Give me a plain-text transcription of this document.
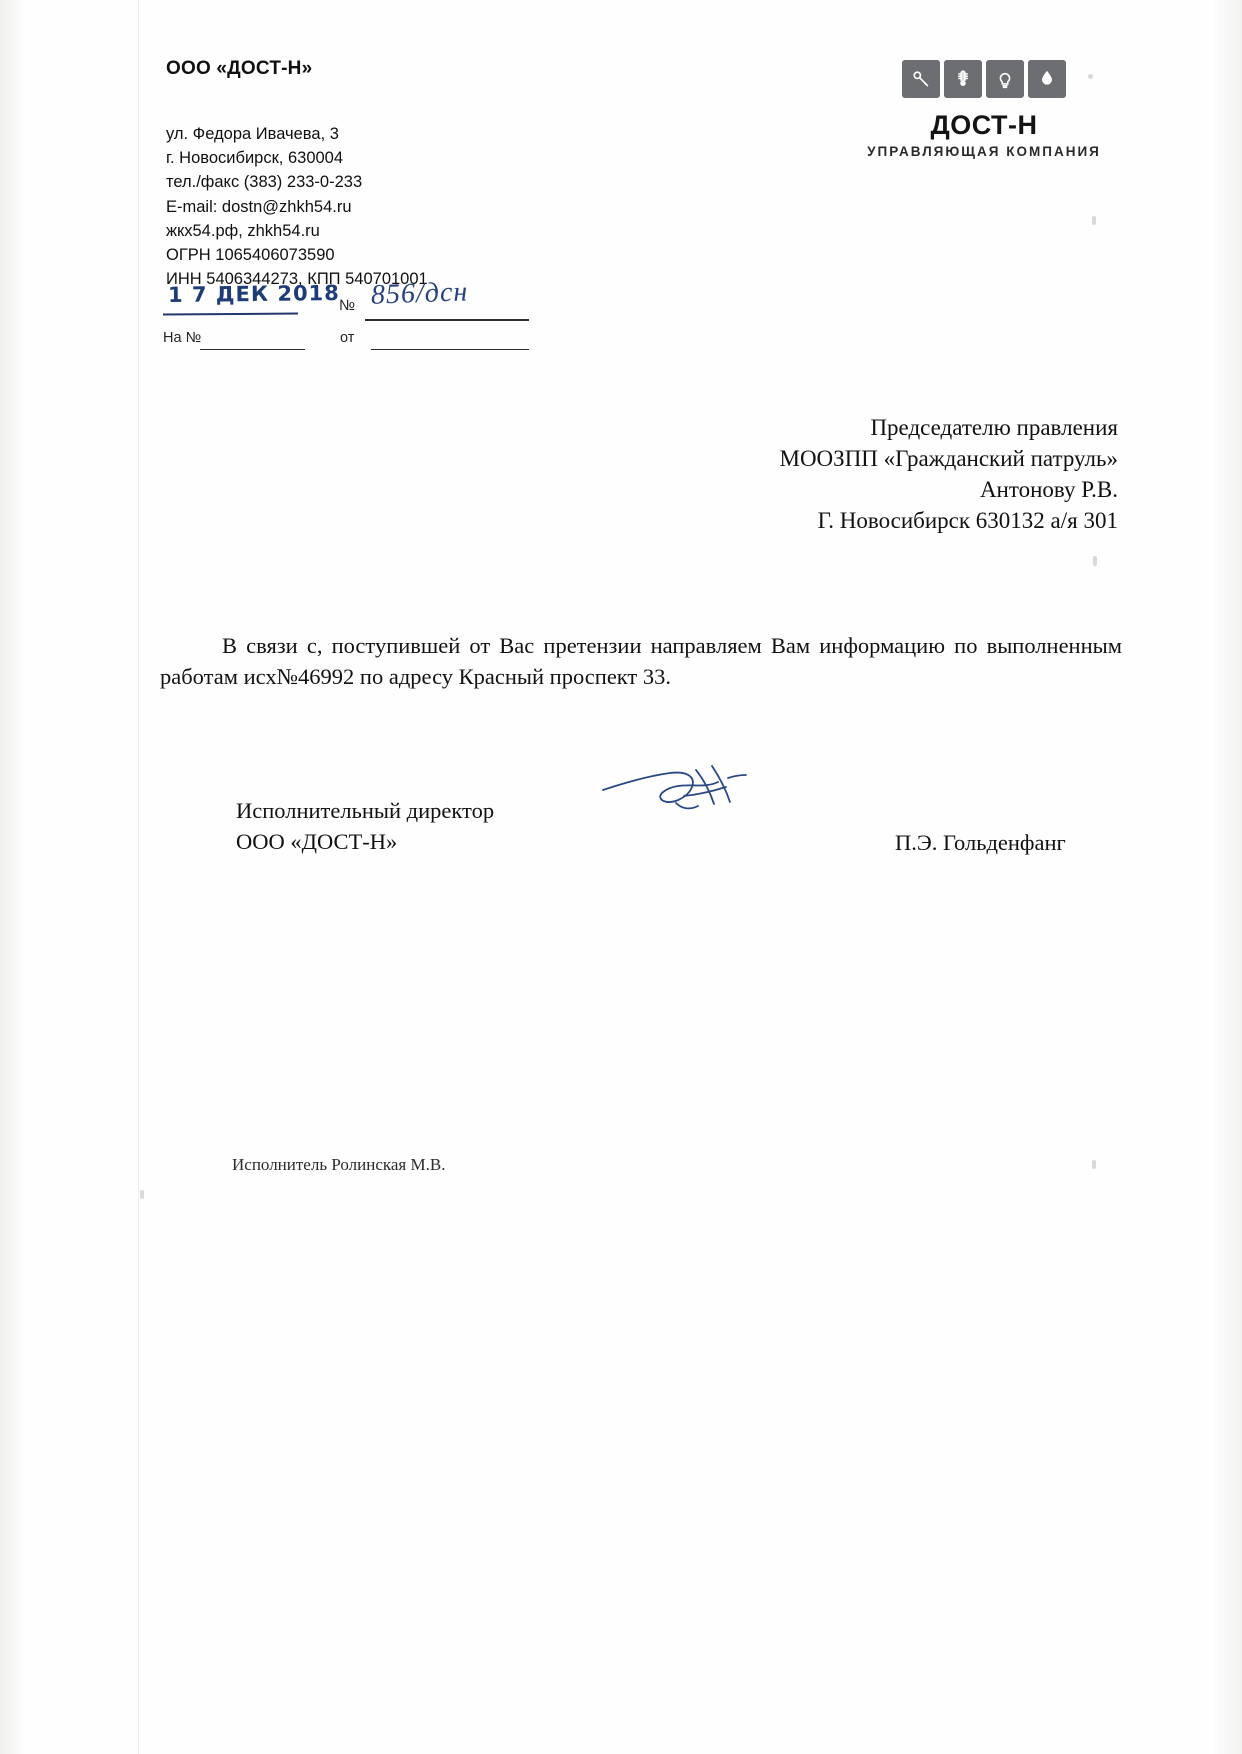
ООО «ДОСТ-Н»
ул. Федора Ивачева, 3
г. Новосибирск, 630004
тел./факс (383) 233-0-233
E-mail: dostn@zhkh54.ru
жкх54.рф, zhkh54.ru
ОГРН 1065406073590
ИНН 5406344273, КПП 540701001
ДОСТ-Н
УПРАВЛЯЮЩАЯ КОМПАНИЯ
1 7 ДЕК 2018 № 856/дсн
На №	от
Председателю правления
МООЗПП «Гражданский патруль»
Антонову Р.В.
Г. Новосибирск 630132 а/я 301
В связи с, поступившей от Вас претензии направляем Вам информацию по выполненным работам исх№46992 по адресу Красный проспект 33.
Исполнительный директор
ООО «ДОСТ-Н»	П.Э. Гольденфанг
Исполнитель Ролинская М.В.
